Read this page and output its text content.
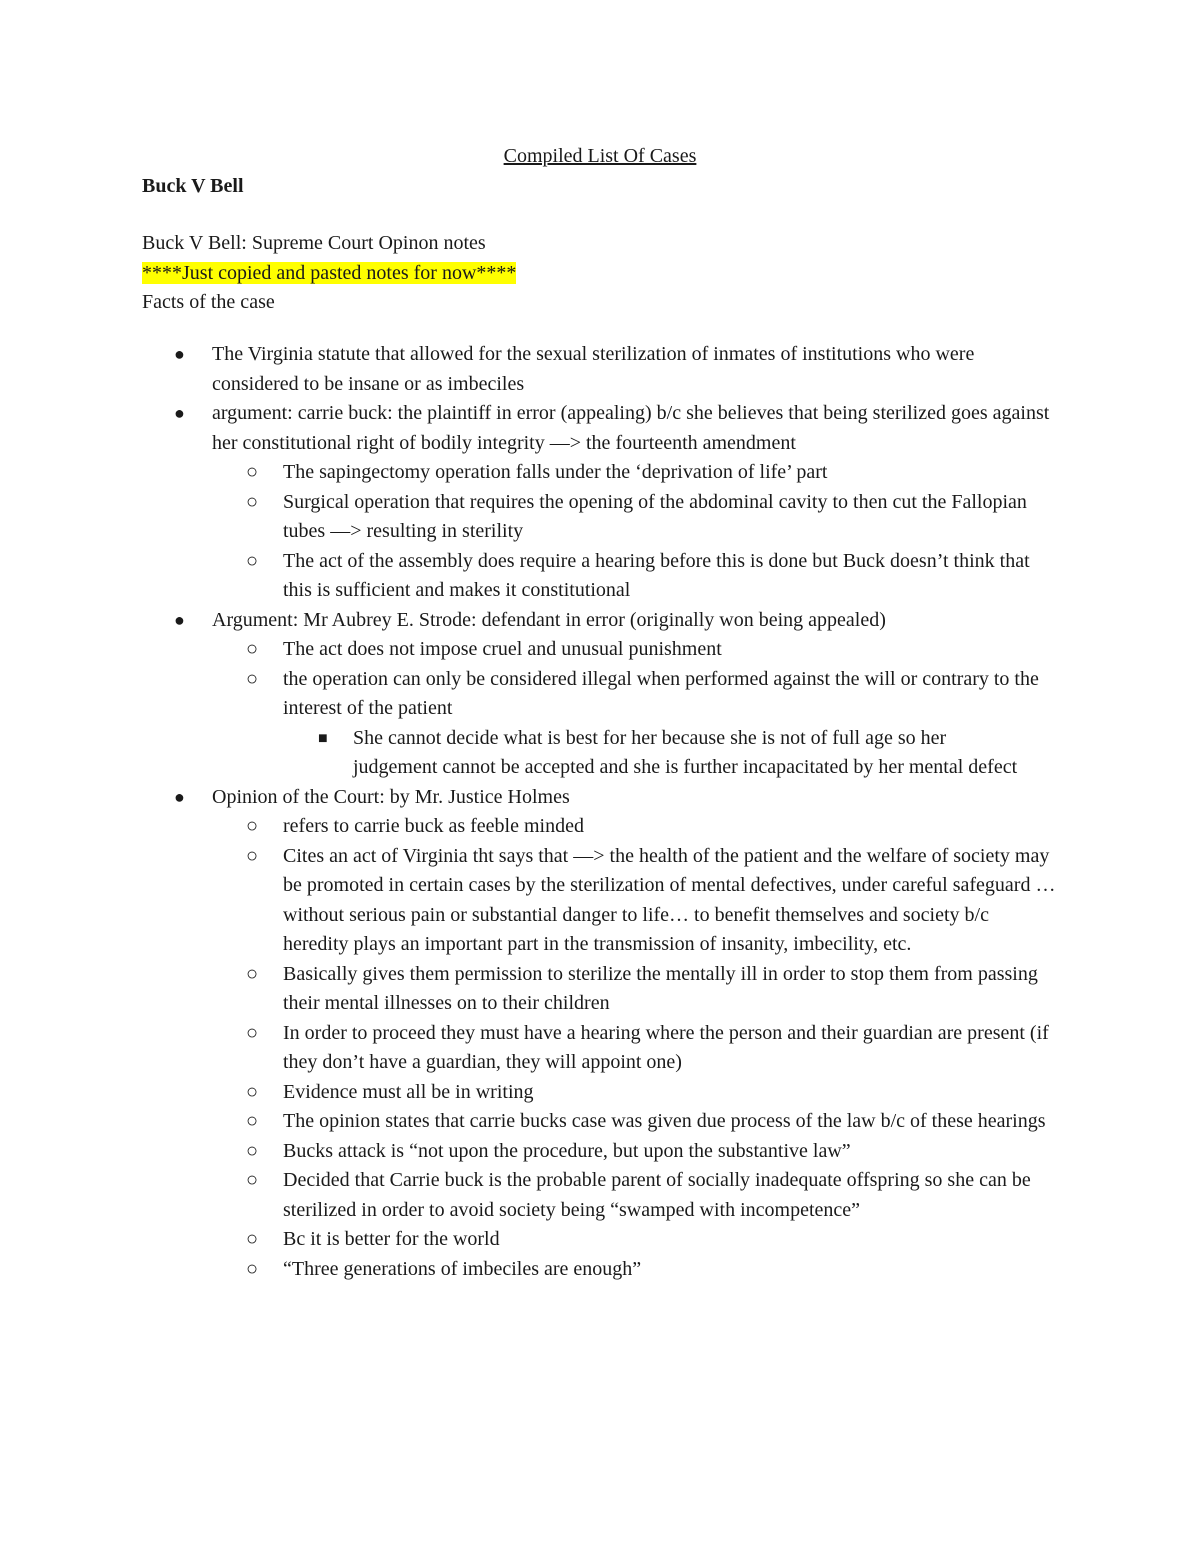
Compiled List Of Cases
Buck V Bell
Buck V Bell: Supreme Court Opinon notes
****Just copied and pasted notes for now****
Facts of the case
● The Virginia statute that allowed for the sexual sterilization of inmates of institutions who were considered to be insane or as imbeciles
● argument: carrie buck: the plaintiff in error (appealing) b/c she believes that being sterilized goes against her constitutional right of bodily integrity —> the fourteenth amendment
○ The sapingectomy operation falls under the ‘deprivation of life’ part
○ Surgical operation that requires the opening of the abdominal cavity to then cut the Fallopian tubes —> resulting in sterility
○ The act of the assembly does require a hearing before this is done but Buck doesn’t think that this is sufficient and makes it constitutional
● Argument: Mr Aubrey E. Strode: defendant in error (originally won being appealed)
○ The act does not impose cruel and unusual punishment
○ the operation can only be considered illegal when performed against the will or contrary to the interest of the patient
■ She cannot decide what is best for her because she is not of full age so her judgement cannot be accepted and she is further incapacitated by her mental defect
● Opinion of the Court: by Mr. Justice Holmes
○ refers to carrie buck as feeble minded
○ Cites an act of Virginia tht says that —> the health of the patient and the welfare of society may be promoted in certain cases by the sterilization of mental defectives, under careful safeguard … without serious pain or substantial danger to life… to benefit themselves and society b/c heredity plays an important part in the transmission of insanity, imbecility, etc.
○ Basically gives them permission to sterilize the mentally ill in order to stop them from passing their mental illnesses on to their children
○ In order to proceed they must have a hearing where the person and their guardian are present (if they don’t have a guardian, they will appoint one)
○ Evidence must all be in writing
○ The opinion states that carrie bucks case was given due process of the law b/c of these hearings
○ Bucks attack is “not upon the procedure, but upon the substantive law”
○ Decided that Carrie buck is the probable parent of socially inadequate offspring so she can be sterilized in order to avoid society being “swamped with incompetence”
○ Bc it is better for the world
○ “Three generations of imbeciles are enough”
